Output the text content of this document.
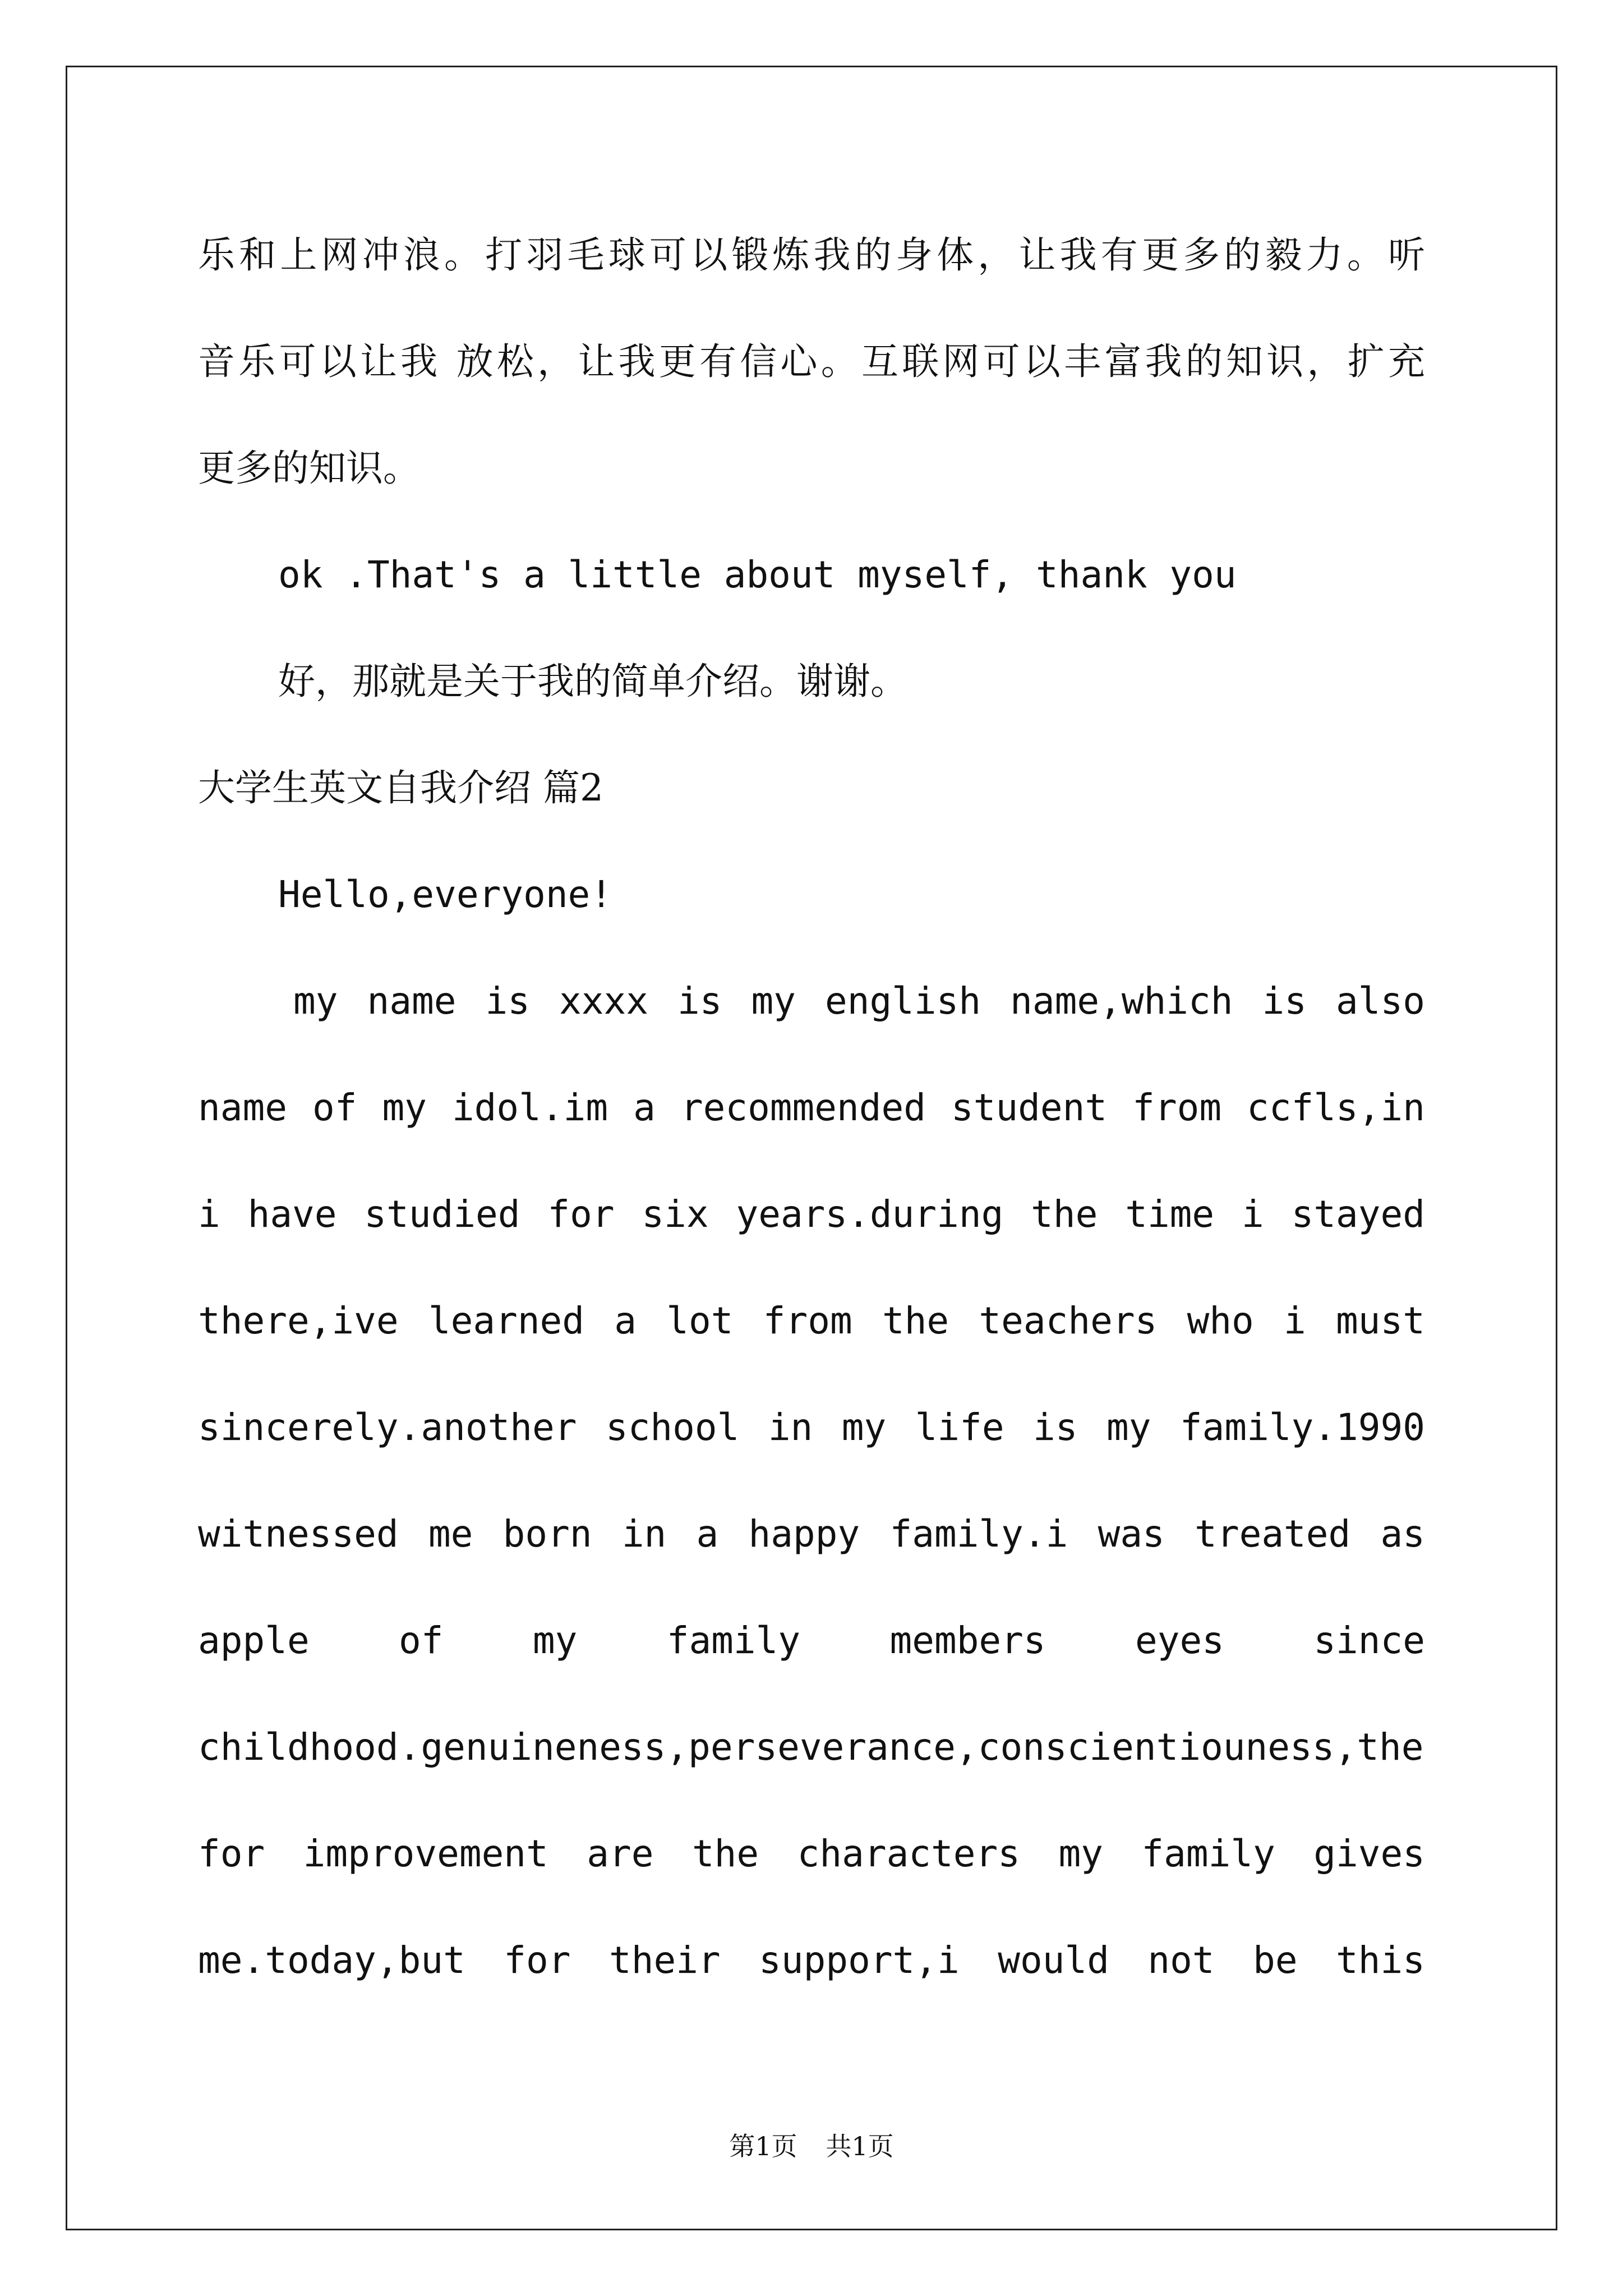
乐和上网冲浪。打羽毛球可以锻炼我的身体，让我有更多的毅力。听
音乐可以让我 放松，让我更有信心。互联网可以丰富我的知识，扩充
更多的知识。
ok .That's a little about myself, thank you
好，那就是关于我的简单介绍。谢谢。
大学生英文自我介绍 篇2
Hello,everyone!
my name is xxxx is my english name,which is also
name of my idol.im a recommended student from ccfls,in
i have studied for six years.during the time i stayed
there,ive learned a lot from the teachers who i must
sincerely.another school in my life is my family.1990
witnessed me born in a happy family.i was treated as
apple of my family members eyes since
childhood.genuineness,perseverance,conscientiouness,the
for improvement are the characters my family gives
me.today,but for their support,i would not be this
第1页 共1页
